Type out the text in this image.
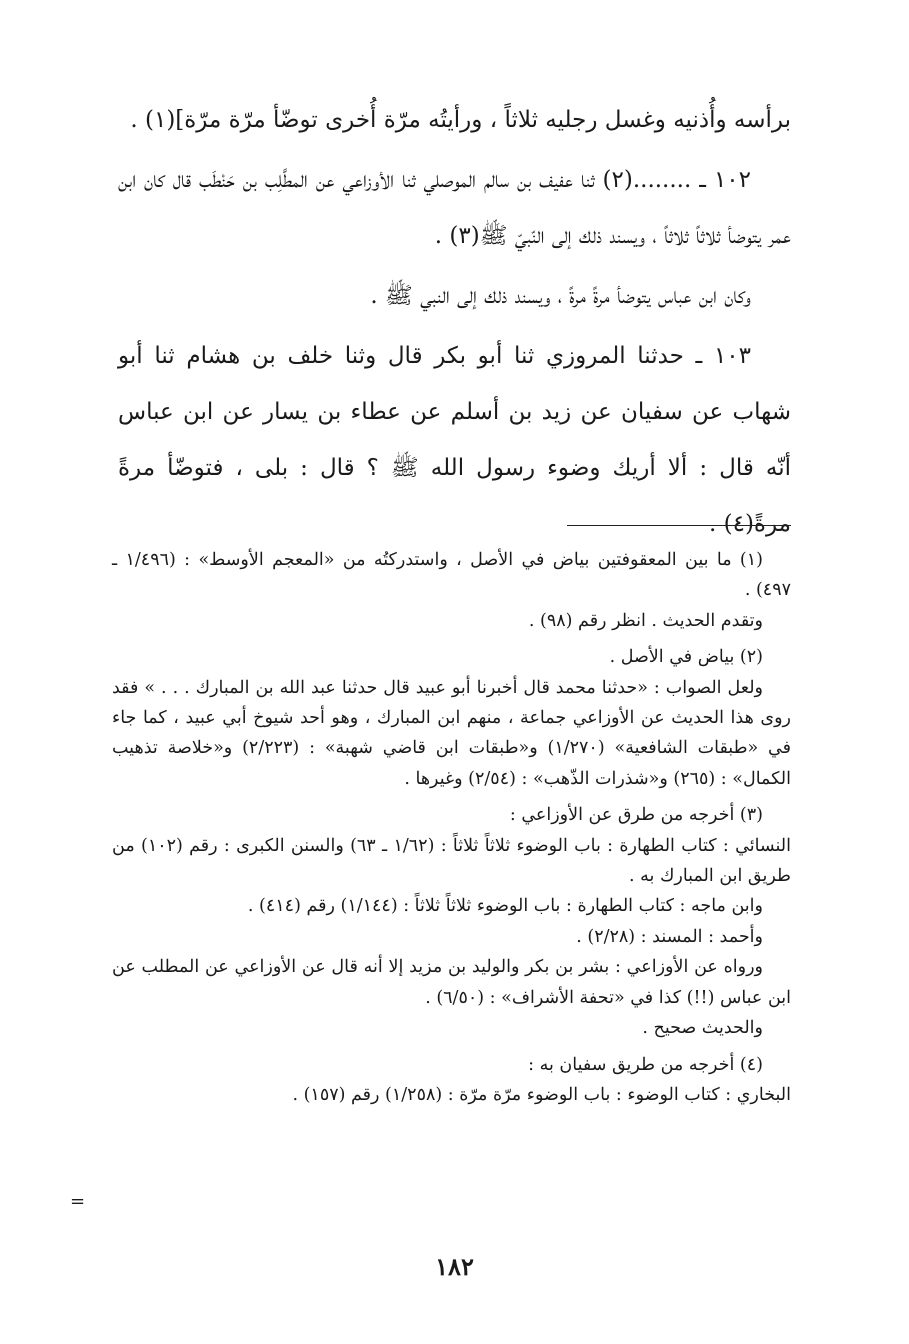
برأسه وأُذنيه وغسل رجليه ثلاثاً ، ورأيتُه مرّة أُخرى توضّأ مرّة مرّة](١) .

١٠٢ ـ ........(٢) ثنا عفيف بن سالم الموصلي ثنا الأوزاعي عن المطَّلِب بن حَنْطَب قال كان ابن عمر يتوضأ ثلاثاً ثلاثاً ، ويسند ذلك إلى النّبيّ ﷺ(٣) .

وكان ابن عباس يتوضأ مرةً مرةً ، ويسند ذلك إلى النبي ﷺ .

١٠٣ ـ حدثنا المروزي ثنا أبو بكر قال وثنا خلف بن هشام ثنا أبو شهاب عن سفيان عن زيد بن أسلم عن عطاء بن يسار عن ابن عباس أنّه قال : ألا أريك وضوء رسول الله ﷺ ؟ قال : بلى ، فتوضّأ مرةً مرةً(٤) .

(١) ما بين المعقوفتين بياض في الأصل ، واستدركتُه من «المعجم الأوسط» : (١/٤٩٦ ـ ٤٩٧) .

وتقدم الحديث . انظر رقم (٩٨) .

(٢) بياض في الأصل .

ولعل الصواب : «حدثنا محمد قال أخبرنا أبو عبيد قال حدثنا عبد الله بن المبارك . . . » فقد روى هذا الحديث عن الأوزاعي جماعة ، منهم ابن المبارك ، وهو أحد شيوخ أبي عبيد ، كما جاء في «طبقات الشافعية» (١/٢٧٠) و«طبقات ابن قاضي شهبة» : (٢/٢٢٣) و«خلاصة تذهيب الكمال» : (٢٦٥) و«شذرات الذّهب» : (٢/٥٤) وغيرها .

(٣) أخرجه من طرق عن الأوزاعي :

النسائي : كتاب الطهارة : باب الوضوء ثلاثاً ثلاثاً : (١/٦٢ ـ ٦٣) والسنن الكبرى : رقم (١٠٢) من طريق ابن المبارك به .

وابن ماجه : كتاب الطهارة : باب الوضوء ثلاثاً ثلاثاً : (١/١٤٤) رقم (٤١٤) .

وأحمد : المسند : (٢/٢٨) .

ورواه عن الأوزاعي : بشر بن بكر والوليد بن مزيد إلا أنه قال عن الأوزاعي عن المطلب عن ابن عباس (!!) كذا في «تحفة الأشراف» : (٦/٥٠) .

والحديث صحيح .

(٤) أخرجه من طريق سفيان به :

البخاري : كتاب الوضوء : باب الوضوء مرّة مرّة : (١/٢٥٨) رقم (١٥٧) .

=
١٨٢
